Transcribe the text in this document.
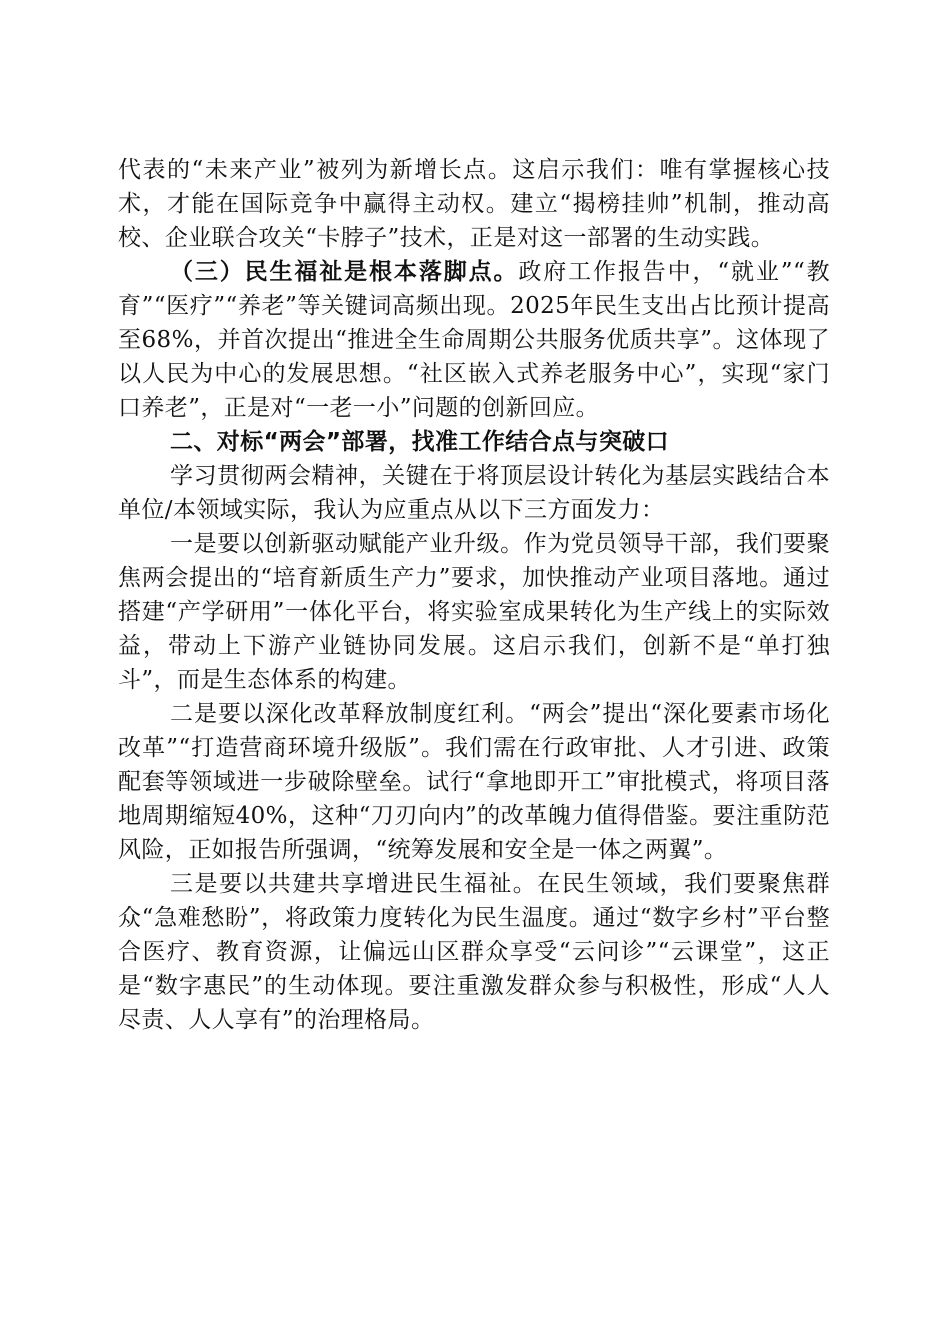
代表的“未来产业”被列为新增长点。这启示我们：唯有掌握核心技术，才能在国际竞争中赢得主动权。建立“揭榜挂帅”机制，推动高校、企业联合攻关“卡脖子”技术，正是对这一部署的生动实践。

（三）民生福祉是根本落脚点。政府工作报告中，“就业”“教育”“医疗”“养老”等关键词高频出现。2025年民生支出占比预计提高至68%，并首次提出“推进全生命周期公共服务优质共享”。这体现了以人民为中心的发展思想。“社区嵌入式养老服务中心”，实现“家门口养老”，正是对“一老一小”问题的创新回应。

二、对标“两会”部署，找准工作结合点与突破口

学习贯彻两会精神，关键在于将顶层设计转化为基层实践结合本单位/本领域实际，我认为应重点从以下三方面发力：

一是要以创新驱动赋能产业升级。作为党员领导干部，我们要聚焦两会提出的“培育新质生产力”要求，加快推动产业项目落地。通过搭建“产学研用”一体化平台，将实验室成果转化为生产线上的实际效益，带动上下游产业链协同发展。这启示我们，创新不是“单打独斗”，而是生态体系的构建。

二是要以深化改革释放制度红利。“两会”提出“深化要素市场化改革”“打造营商环境升级版”。我们需在行政审批、人才引进、政策配套等领域进一步破除壁垒。试行“拿地即开工”审批模式，将项目落地周期缩短40%，这种“刀刃向内”的改革魄力值得借鉴。要注重防范风险，正如报告所强调，“统筹发展和安全是一体之两翼”。

三是要以共建共享增进民生福祉。在民生领域，我们要聚焦群众“急难愁盼”，将政策力度转化为民生温度。通过“数字乡村”平台整合医疗、教育资源，让偏远山区群众享受“云问诊”“云课堂”，这正是“数字惠民”的生动体现。要注重激发群众参与积极性，形成“人人尽责、人人享有”的治理格局。
